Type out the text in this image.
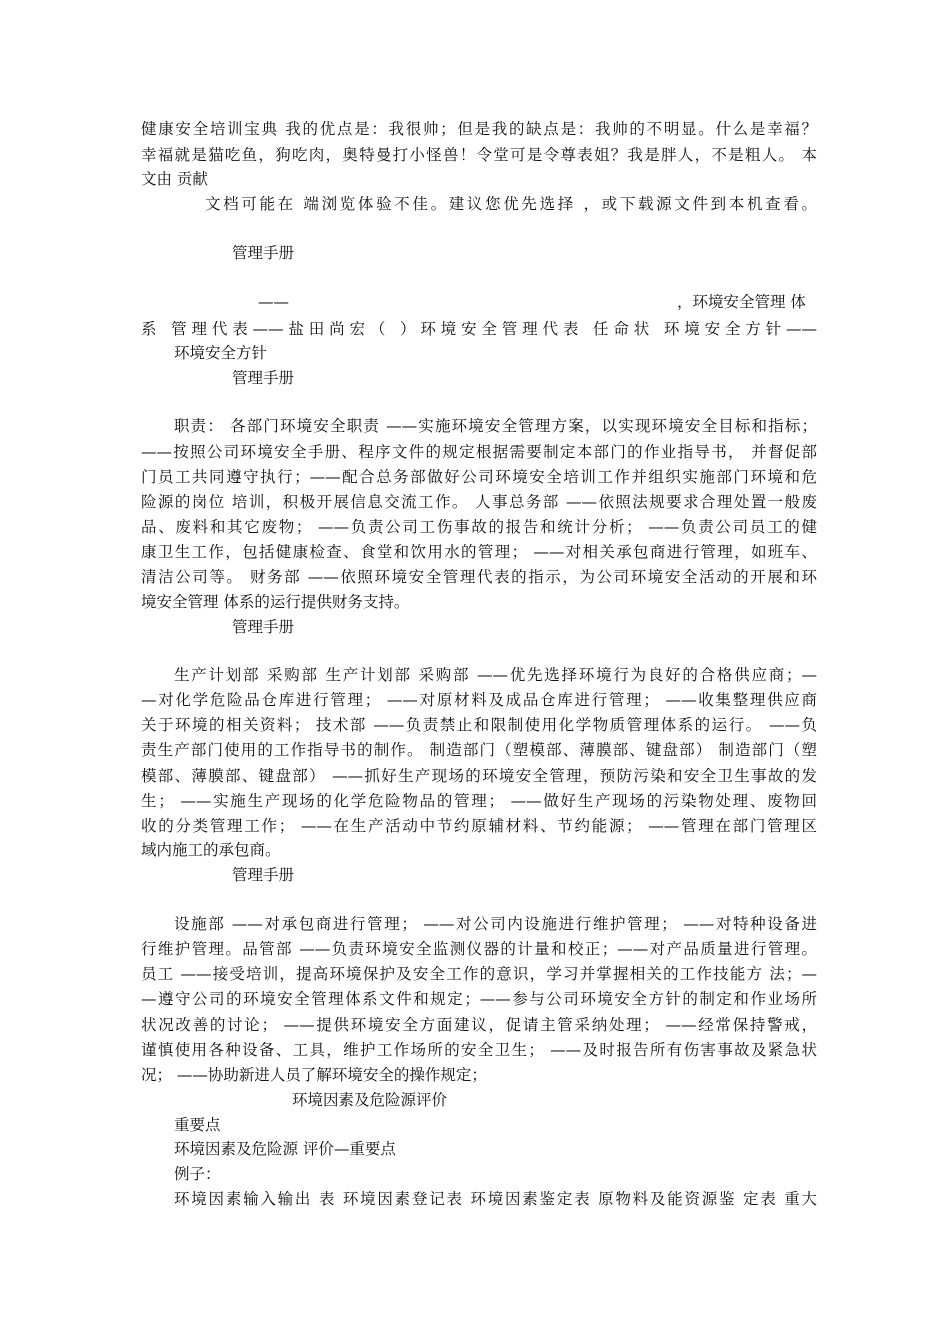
健康安全培训宝典 我的优点是：我很帅；但是我的缺点是：我帅的不明显。什么是幸福？
幸福就是猫吃鱼，狗吃肉，奥特曼打小怪兽！令堂可是令尊表姐？我是胖人，不是粗人。 本
文由 贡献
文档可能在 端浏览体验不佳。建议您优先选择 ，或下载源文件到本机查看。
管理手册
——	，环境安全管理 体
系 管理代表——盐田尚宏（ ）环境安全管理代表 任命状 环境安全方针——
环境安全方针
管理手册
职责： 各部门环境安全职责 ——实施环境安全管理方案，以实现环境安全目标和指标；
——按照公司环境安全手册、程序文件的规定根据需要制定本部门的作业指导书， 并督促部
门员工共同遵守执行；——配合总务部做好公司环境安全培训工作并组织实施部门环境和危
险源的岗位 培训，积极开展信息交流工作。 人事总务部 ——依照法规要求合理处置一般废
品、废料和其它废物； ——负责公司工伤事故的报告和统计分析； ——负责公司员工的健
康卫生工作，包括健康检查、食堂和饮用水的管理； ——对相关承包商进行管理，如班车、
清洁公司等。 财务部 ——依照环境安全管理代表的指示，为公司环境安全活动的开展和环
境安全管理 体系的运行提供财务支持。
管理手册
生产计划部 采购部 生产计划部 采购部 ——优先选择环境行为良好的合格供应商；—
—对化学危险品仓库进行管理； ——对原材料及成品仓库进行管理； ——收集整理供应商
关于环境的相关资料； 技术部 ——负责禁止和限制使用化学物质管理体系的运行。 ——负
责生产部门使用的工作指导书的制作。 制造部门（塑模部、薄膜部、键盘部） 制造部门（塑
模部、薄膜部、键盘部） ——抓好生产现场的环境安全管理，预防污染和安全卫生事故的发
生； ——实施生产现场的化学危险物品的管理； ——做好生产现场的污染物处理、废物回
收的分类管理工作； ——在生产活动中节约原辅材料、节约能源； ——管理在部门管理区
域内施工的承包商。
管理手册
设施部 ——对承包商进行管理； ——对公司内设施进行维护管理； ——对特种设备进
行维护管理。品管部 ——负责环境安全监测仪器的计量和校正；——对产品质量进行管理。
员工 ——接受培训，提高环境保护及安全工作的意识，学习并掌握相关的工作技能方 法；—
—遵守公司的环境安全管理体系文件和规定；——参与公司环境安全方针的制定和作业场所
状况改善的讨论； ——提供环境安全方面建议，促请主管采纳处理； ——经常保持警戒，
谨慎使用各种设备、工具，维护工作场所的安全卫生； ——及时报告所有伤害事故及紧急状
况； ——协助新进人员了解环境安全的操作规定；
环境因素及危险源评价
重要点
环境因素及危险源 评价—重要点
例子：
环境因素输入输出 表 环境因素登记表 环境因素鉴定表 原物料及能资源鉴 定表 重大
